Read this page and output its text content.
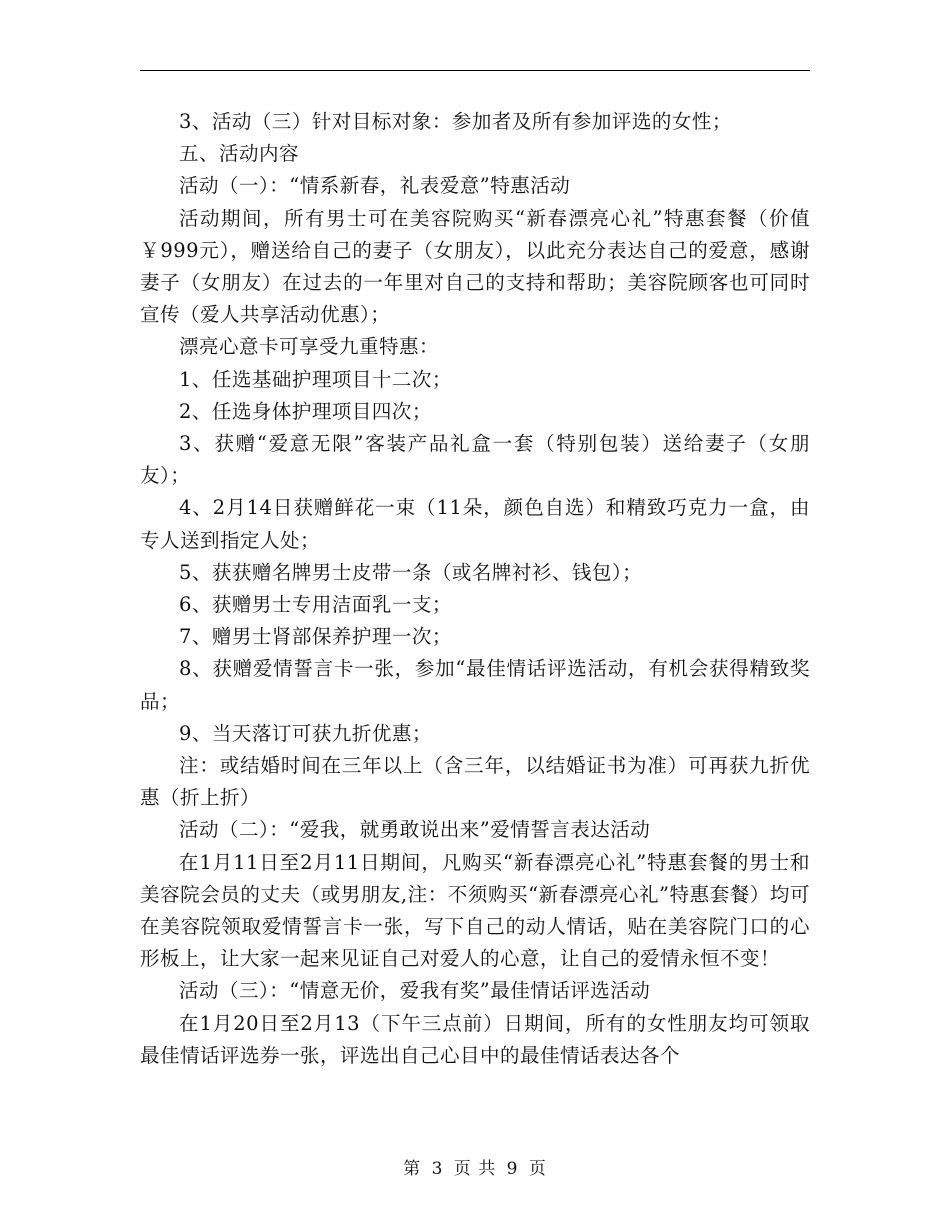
3、活动（三）针对目标对象：参加者及所有参加评选的女性；

五、活动内容

活动（一）：“情系新春，礼表爱意”特惠活动

活动期间，所有男士可在美容院购买“新春漂亮心礼”特惠套餐（价值￥999元），赠送给自己的妻子（女朋友），以此充分表达自己的爱意，感谢妻子（女朋友）在过去的一年里对自己的支持和帮助；美容院顾客也可同时宣传（爱人共享活动优惠）；

漂亮心意卡可享受九重特惠：

1、任选基础护理项目十二次；

2、任选身体护理项目四次；

3、获赠“爱意无限”客装产品礼盒一套（特别包装）送给妻子（女朋友）；

4、2月14日获赠鲜花一束（11朵，颜色自选）和精致巧克力一盒，由专人送到指定人处；

5、获获赠名牌男士皮带一条（或名牌衬衫、钱包）；

6、获赠男士专用洁面乳一支；

7、赠男士肾部保养护理一次；

8、获赠爱情誓言卡一张，参加“最佳情话评选活动，有机会获得精致奖品；

9、当天落订可获九折优惠；

注：或结婚时间在三年以上（含三年，以结婚证书为准）可再获九折优惠（折上折）

活动（二）：“爱我，就勇敢说出来”爱情誓言表达活动

在1月11日至2月11日期间，凡购买“新春漂亮心礼”特惠套餐的男士和美容院会员的丈夫（或男朋友,注：不须购买“新春漂亮心礼”特惠套餐）均可在美容院领取爱情誓言卡一张，写下自己的动人情话，贴在美容院门口的心形板上，让大家一起来见证自己对爱人的心意，让自己的爱情永恒不变！

活动（三）：“情意无价，爱我有奖”最佳情话评选活动

在1月20日至2月13（下午三点前）日期间，所有的女性朋友均可领取最佳情话评选券一张，评选出自己心目中的最佳情话表达各个

第 3 页 共 9 页
